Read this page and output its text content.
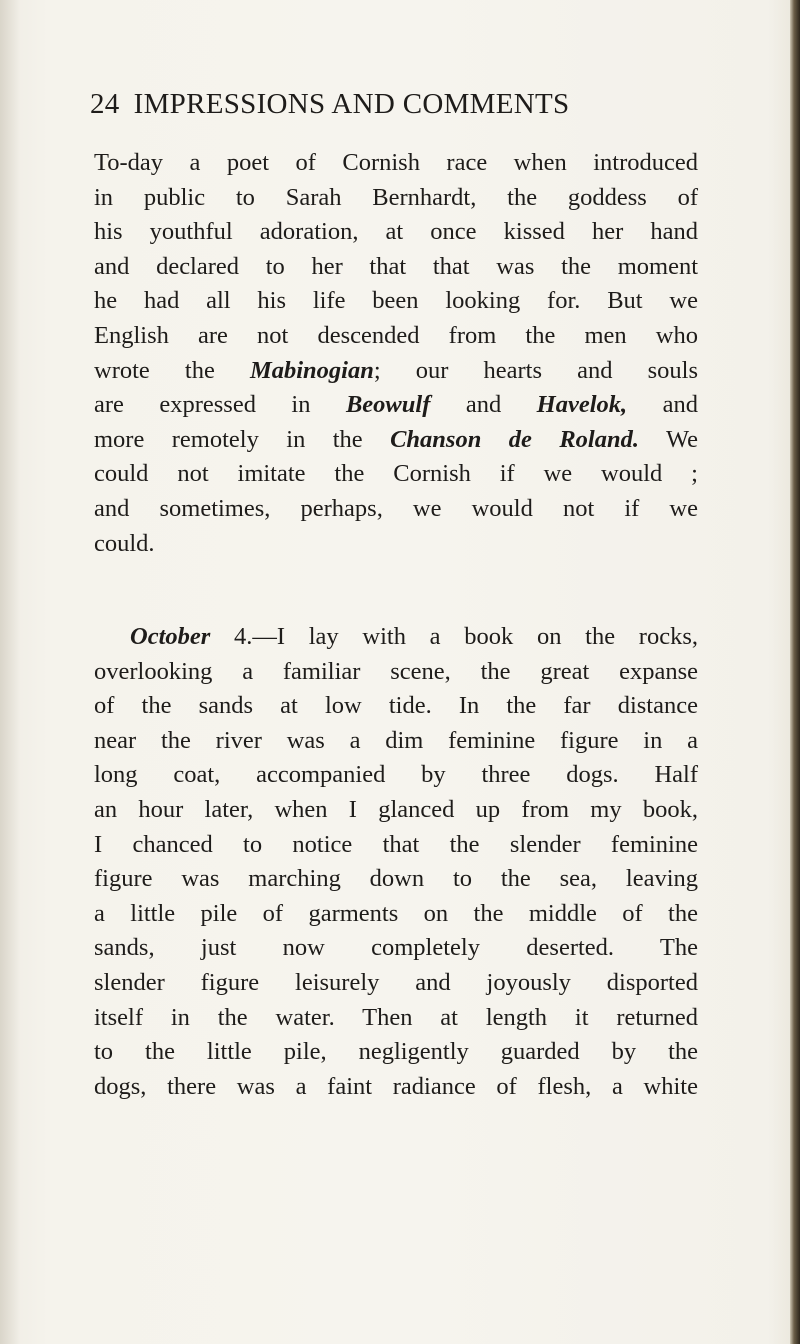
24 IMPRESSIONS AND COMMENTS
To-day a poet of Cornish race when introduced
in public to Sarah Bernhardt, the goddess of
his youthful adoration, at once kissed her hand
and declared to her that that was the moment
he had all his life been looking for. But we
English are not descended from the men who
wrote the Mabinogian; our hearts and souls
are expressed in Beowulf and Havelok, and
more remotely in the Chanson de Roland. We
could not imitate the Cornish if we would ;
and sometimes, perhaps, we would not if we
could.
October 4.—I lay with a book on the rocks,
overlooking a familiar scene, the great expanse
of the sands at low tide. In the far distance
near the river was a dim feminine figure in a
long coat, accompanied by three dogs. Half
an hour later, when I glanced up from my book,
I chanced to notice that the slender feminine
figure was marching down to the sea, leaving
a little pile of garments on the middle of the
sands, just now completely deserted. The
slender figure leisurely and joyously disported
itself in the water. Then at length it returned
to the little pile, negligently guarded by the
dogs, there was a faint radiance of flesh, a white
